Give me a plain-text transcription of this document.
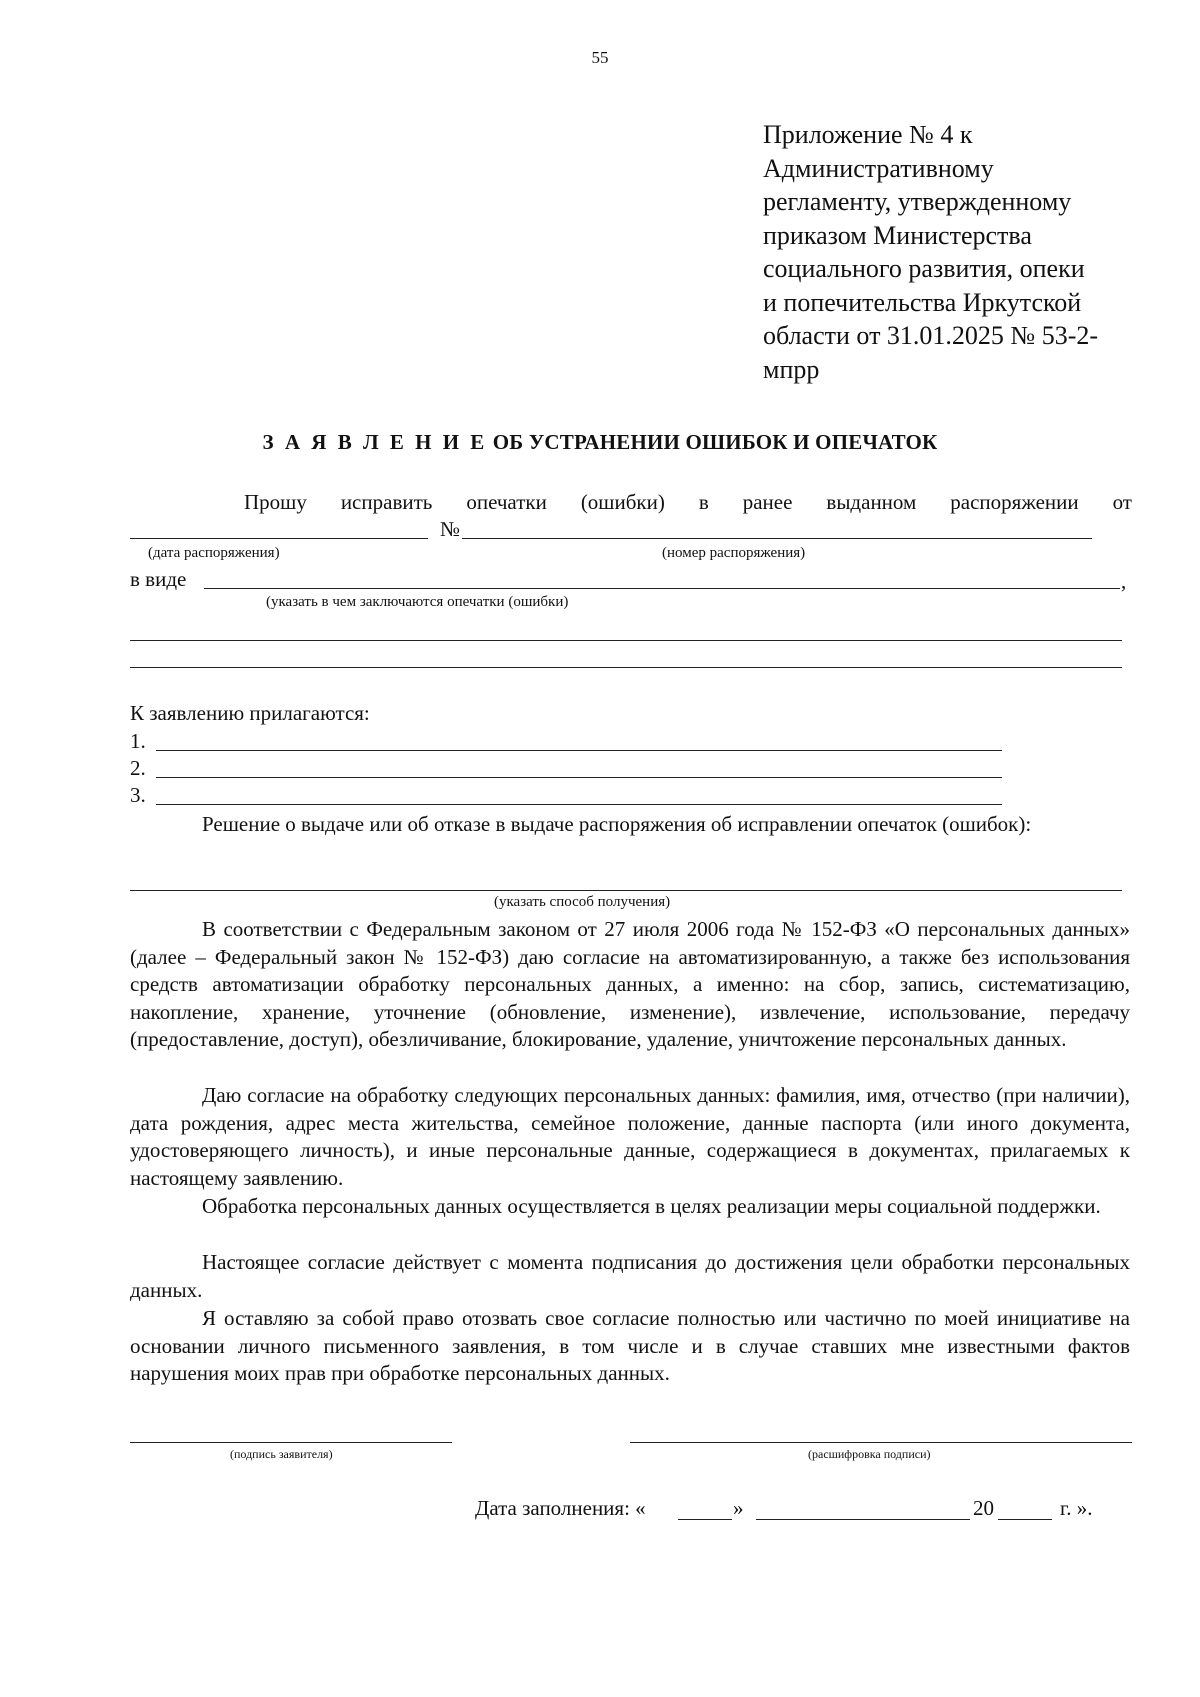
55
Приложение № 4 к
Административному
регламенту, утвержденному
приказом Министерства
социального развития, опеки
и попечительства Иркутской
области от 31.01.2025 № 53-2-
мпрр
З А Я В Л Е Н И Е ОБ УСТРАНЕНИИ ОШИБОК И ОПЕЧАТОК
Прошу исправить опечатки (ошибки) в ранее выданном распоряжении от
№
(дата распоряжения)	(номер распоряжения)
в виде	,
(указать в чем заключаются опечатки (ошибки)
К заявлению прилагаются:
1.
2.
3.
Решение о выдаче или об отказе в выдаче распоряжения об исправлении опечаток (ошибок):
(указать способ получения)
В соответствии с Федеральным законом от 27 июля 2006 года № 152-ФЗ «О персональных данных» (далее – Федеральный закон № 152-ФЗ) даю согласие на автоматизированную, а также без использования средств автоматизации обработку персональных данных, а именно: на сбор, запись, систематизацию, накопление, хранение, уточнение (обновление, изменение), извлечение, использование, передачу (предоставление, доступ), обезличивание, блокирование, удаление, уничтожение персональных данных.
Даю согласие на обработку следующих персональных данных: фамилия, имя, отчество (при наличии), дата рождения, адрес места жительства, семейное положение, данные паспорта (или иного документа, удостоверяющего личность), и иные персональные данные, содержащиеся в документах, прилагаемых к настоящему заявлению.
Обработка персональных данных осуществляется в целях реализации меры социальной поддержки.
Настоящее согласие действует с момента подписания до достижения цели обработки персональных данных.
Я оставляю за собой право отозвать свое согласие полностью или частично по моей инициативе на основании личного письменного заявления, в том числе и в случае ставших мне известными фактов нарушения моих прав при обработке персональных данных.
(подпись заявителя)	(расшифровка подписи)
Дата заполнения: «	»	20	г. ».
